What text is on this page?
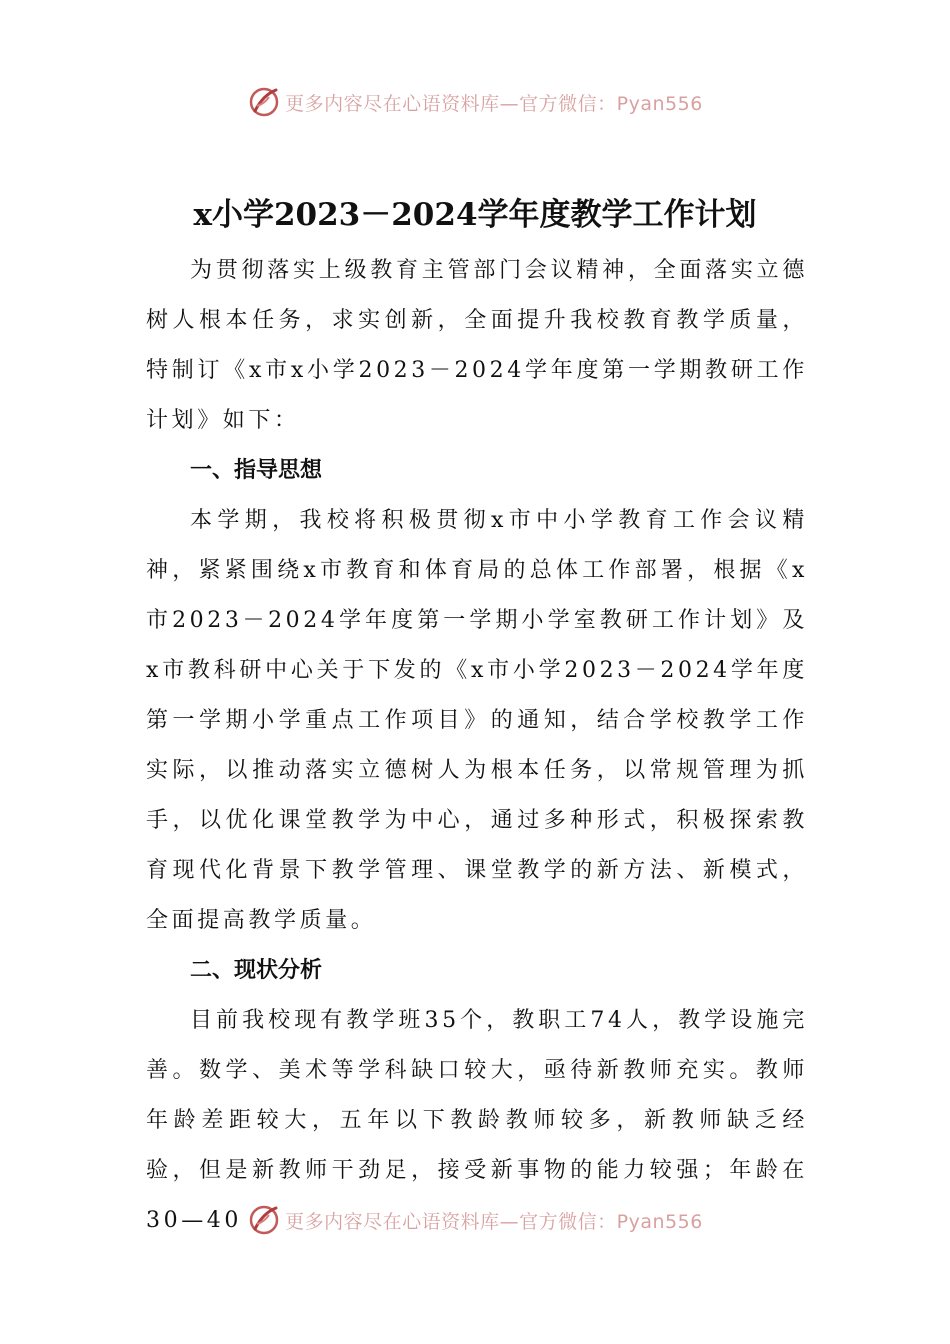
更多内容尽在心语资料库—官方微信：Pyan556
x小学2023－2024学年度教学工作计划

为贯彻落实上级教育主管部门会议精神，全面落实立德树人根本任务，求实创新，全面提升我校教育教学质量，特制订《x市x小学2023－2024学年度第一学期教研工作计划》如下：

一、指导思想

本学期，我校将积极贯彻x市中小学教育工作会议精神，紧紧围绕x市教育和体育局的总体工作部署，根据《x市2023－2024学年度第一学期小学室教研工作计划》及x市教科研中心关于下发的《x市小学2023－2024学年度第一学期小学重点工作项目》的通知，结合学校教学工作实际，以推动落实立德树人为根本任务，以常规管理为抓手，以优化课堂教学为中心，通过多种形式，积极探索教育现代化背景下教学管理、课堂教学的新方法、新模式，全面提高教学质量。

二、现状分析

目前我校现有教学班35个，教职工74人，教学设施完善。数学、美术等学科缺口较大，亟待新教师充实。教师年龄差距较大，五年以下教龄教师较多，新教师缺乏经验，但是新教师干劲足，接受新事物的能力较强；年龄在30—40	更多内容尽在心语资料库—官方微信：Pyan556
